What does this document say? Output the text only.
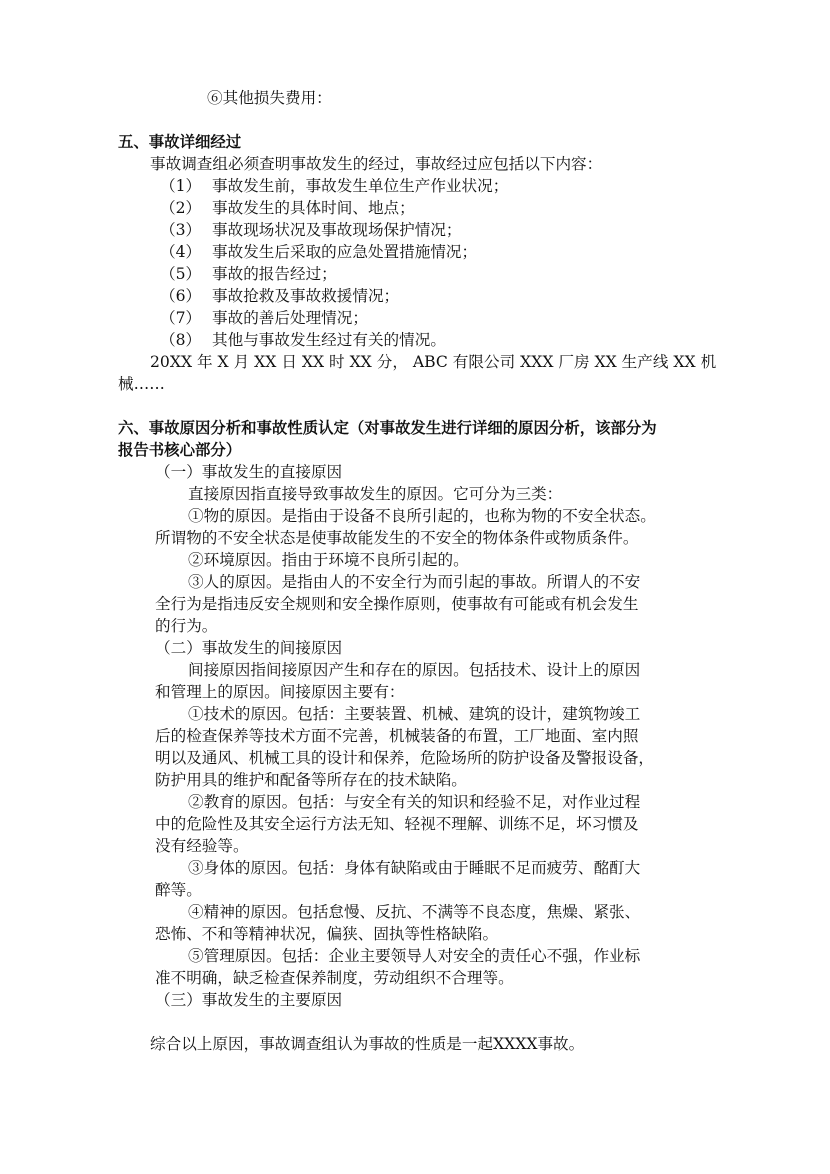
⑥其他损失费用：
五、事故详细经过
事故调查组必须查明事故发生的经过，事故经过应包括以下内容：
（1） 事故发生前，事故发生单位生产作业状况；
（2） 事故发生的具体时间、地点；
（3） 事故现场状况及事故现场保护情况；
（4） 事故发生后采取的应急处置措施情况；
（5） 事故的报告经过；
（6） 事故抢救及事故救援情况；
（7） 事故的善后处理情况；
（8） 其他与事故发生经过有关的情况。
20XX 年 X 月 XX 日 XX 时 XX 分， ABC 有限公司 XXX 厂房 XX 生产线 XX 机
械……
六、事故原因分析和事故性质认定（对事故发生进行详细的原因分析，该部分为
报告书核心部分）
（一）事故发生的直接原因
直接原因指直接导致事故发生的原因。它可分为三类：
①物的原因。是指由于设备不良所引起的，也称为物的不安全状态。
所谓物的不安全状态是使事故能发生的不安全的物体条件或物质条件。
②环境原因。指由于环境不良所引起的。
③人的原因。是指由人的不安全行为而引起的事故。所谓人的不安
全行为是指违反安全规则和安全操作原则，使事故有可能或有机会发生
的行为。
（二）事故发生的间接原因
间接原因指间接原因产生和存在的原因。包括技术、设计上的原因
和管理上的原因。间接原因主要有：
①技术的原因。包括：主要装置、机械、建筑的设计，建筑物竣工
后的检查保养等技术方面不完善，机械装备的布置，工厂地面、室内照
明以及通风、机械工具的设计和保养，危险场所的防护设备及警报设备，
防护用具的维护和配备等所存在的技术缺陷。
②教育的原因。包括：与安全有关的知识和经验不足，对作业过程
中的危险性及其安全运行方法无知、轻视不理解、训练不足，坏习惯及
没有经验等。
③身体的原因。包括：身体有缺陷或由于睡眠不足而疲劳、酩酊大
醉等。
④精神的原因。包括怠慢、反抗、不满等不良态度，焦燥、紧张、
恐怖、不和等精神状况，偏狭、固执等性格缺陷。
⑤管理原因。包括：企业主要领导人对安全的责任心不强，作业标
准不明确，缺乏检查保养制度，劳动组织不合理等。
（三）事故发生的主要原因
综合以上原因，事故调查组认为事故的性质是一起XXXX事故。
